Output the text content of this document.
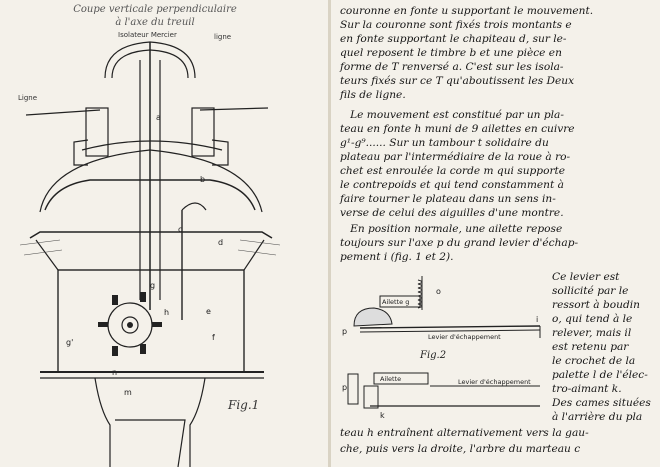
Coupe verticale perpendiculaire
à l'axe du treuil
Isolateur Mercier
Ligne
ligne
a
b
c
d
e
f
g'
g
n
m
h
Fig.1
couronne en fonte u supportant le mouvement.
Sur la couronne sont fixés trois montants e
en fonte supportant le chapiteau d, sur le-
quel reposent le timbre b et une pièce en
forme de T renversé a. C'est sur les isola-
teurs fixés sur ce T qu'aboutissent les Deux
fils de ligne.
Le mouvement est constitué par un pla-
teau en fonte h muni de 9 ailettes en cuivre
g¹-g⁹...... Sur un tambour t solidaire du
plateau par l'intermédiaire de la roue à ro-
chet est enroulée la corde m qui supporte
le contrepoids et qui tend constamment à
faire tourner le plateau dans un sens in-
verse de celui des aiguilles d'une montre.
En position normale, une ailette repose
toujours sur l'axe p du grand levier d'échap-
pement i (fig. 1 et 2).
Ce levier est
sollicité par le
ressort à boudin
o, qui tend à le
relever, mais il
est retenu par
le crochet de la
palette l de l'élec-
tro-aimant k.
Des cames situées
à l'arrière du pla
teau h entraînent alternativement vers la gau-
che, puis vers la droite, l'arbre du marteau c
p
o
i
p
k
Ailette g
Levier d'échappement
Fig.2
Ailette	Levier d'échappement
